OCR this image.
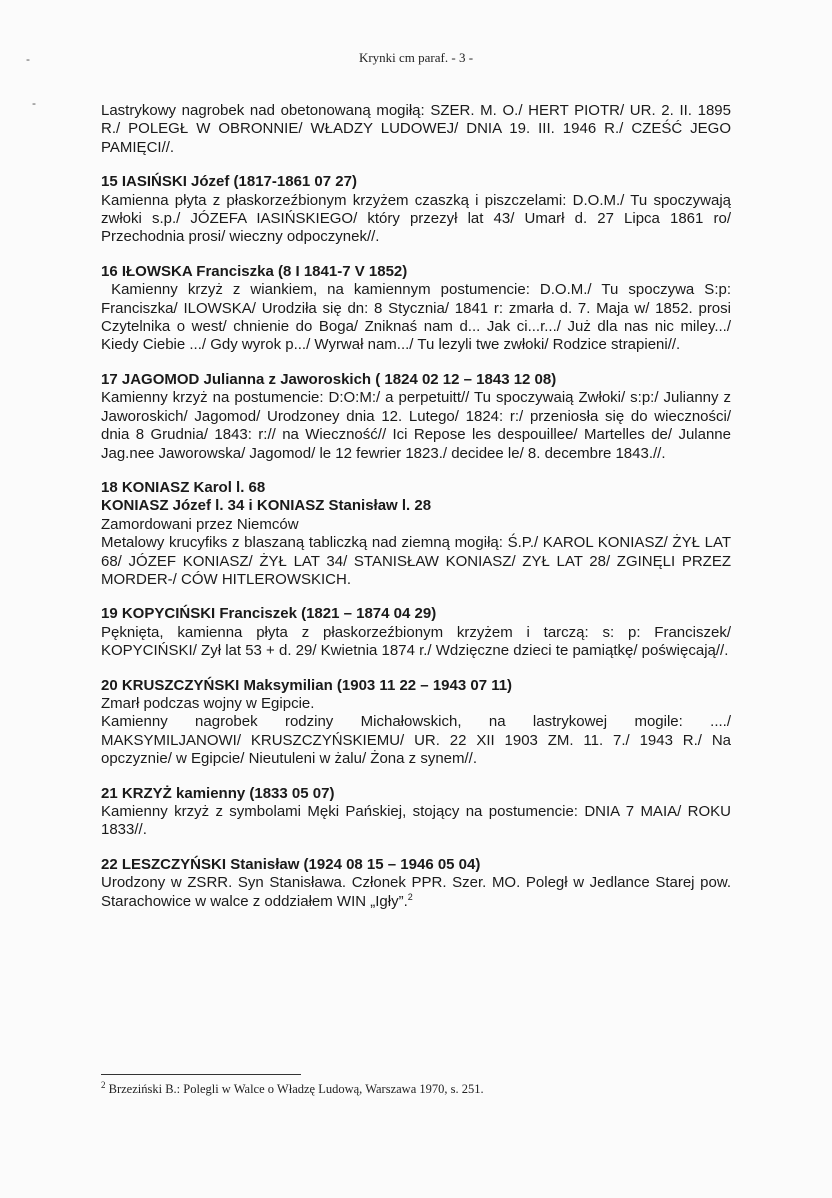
-
-
Krynki cm paraf. - 3 -
Lastrykowy nagrobek nad obetonowaną mogiłą: SZER. M. O./ HERT PIOTR/ UR. 2. II. 1895 R./ POLEGŁ W OBRONNIE/ WŁADZY LUDOWEJ/ DNIA 19. III. 1946 R./ CZEŚĆ JEGO PAMIĘCI//.
15 IASIŃSKI Józef (1817-1861 07 27)
Kamienna płyta z płaskorzeźbionym krzyżem czaszką i piszczelami: D.O.M./ Tu spoczywają zwłoki s.p./ JÓZEFA IASIŃSKIEGO/ który przezył lat 43/ Umarł d. 27 Lipca 1861 ro/ Przechodnia prosi/ wieczny odpoczynek//.
16 IŁOWSKA Franciszka (8 I 1841-7 V 1852)
Kamienny krzyż z wiankiem, na kamiennym postumencie: D.O.M./ Tu spoczywa S:p: Franciszka/ ILOWSKA/ Urodziła się dn: 8 Stycznia/ 1841 r: zmarła d. 7. Maja w/ 1852. prosi Czytelnika o west/ chnienie do Boga/ Zniknaś nam d... Jak ci...r.../ Już dla nas nic miley.../ Kiedy Ciebie .../ Gdy wyrok p.../ Wyrwał nam.../ Tu lezyli twe zwłoki/ Rodzice strapieni//.
17 JAGOMOD Julianna z Jaworoskich ( 1824 02 12 – 1843 12 08)
Kamienny krzyż na postumencie: D:O:M:/ a perpetuitt// Tu spoczywaią Zwłoki/ s:p:/ Julianny z Jaworoskich/ Jagomod/ Urodzoney dnia 12. Lutego/ 1824: r:/ przeniosła się do wieczności/ dnia 8 Grudnia/ 1843: r:// na Wieczność// Ici Repose les despouillee/ Martelles de/ Julanne Jag.nee Jaworowska/ Jagomod/ le 12 fewrier 1823./ decidee le/ 8. decembre 1843.//.
18 KONIASZ Karol l. 68
KONIASZ Józef l. 34 i KONIASZ Stanisław l. 28
Zamordowani przez Niemców
Metalowy krucyfiks z blaszaną tabliczką nad ziemną mogiłą: Ś.P./ KAROL KONIASZ/ ŻYŁ LAT 68/ JÓZEF KONIASZ/ ŻYŁ LAT 34/ STANISŁAW KONIASZ/ ZYŁ LAT 28/ ZGINĘLI PRZEZ MORDER-/ CÓW HITLEROWSKICH.
19 KOPYCIŃSKI Franciszek (1821 – 1874 04 29)
Pęknięta, kamienna płyta z płaskorzeźbionym krzyżem i tarczą: s: p: Franciszek/ KOPYCIŃSKI/ Zył lat 53 + d. 29/ Kwietnia 1874 r./ Wdzięczne dzieci te pamiątkę/ poświęcają//.
20 KRUSZCZYŃSKI Maksymilian (1903 11 22 – 1943 07 11)
Zmarł podczas wojny w Egipcie.
Kamienny nagrobek rodziny Michałowskich, na lastrykowej mogile: ..../
MAKSYMILJANOWI/ KRUSZCZYŃSKIEMU/ UR. 22 XII 1903 ZM. 11. 7./ 1943 R./ Na opczyznie/ w Egipcie/ Nieutuleni w żalu/ Żona z synem//.
21 KRZYŻ kamienny (1833 05 07)
Kamienny krzyż z symbolami Męki Pańskiej, stojący na postumencie: DNIA 7 MAIA/ ROKU 1833//.
22 LESZCZYŃSKI Stanisław (1924 08 15 – 1946 05 04)
Urodzony w ZSRR. Syn Stanisława. Członek PPR. Szer. MO. Poległ w Jedlance Starej pow. Starachowice w walce z oddziałem WIN „Igły”.$^2$
$^2$ Brzeziński B.: Polegli w Walce o Władzę Ludową, Warszawa 1970, s. 251.
